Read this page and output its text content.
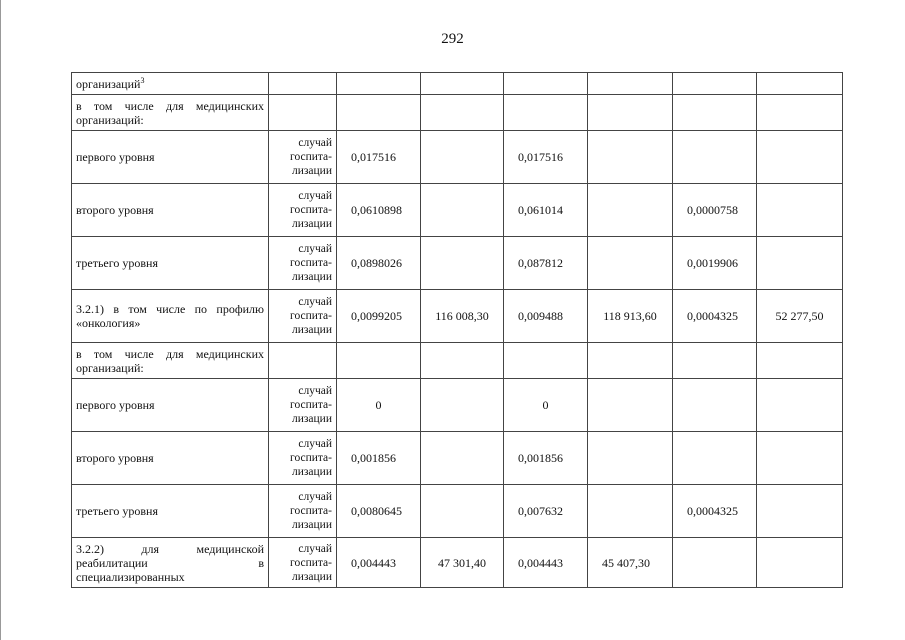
292
организаций$^3$							
в том числе для медицинских организаций:							
первого уровня	случай госпита-лизации	0,017516		0,017516			
второго уровня	случай госпита-лизации	0,0610898		0,061014		0,0000758	
третьего уровня	случай госпита-лизации	0,0898026		0,087812		0,0019906	
3.2.1) в том числе по профилю «онкология»	случай госпита-лизации	0,0099205	116 008,30	0,009488	118 913,60	0,0004325	52 277,50
в том числе для медицинских организаций:							
первого уровня	случай госпита-лизации	0		0			
второго уровня	случай госпита-лизации	0,001856		0,001856			
третьего уровня	случай госпита-лизации	0,0080645		0,007632		0,0004325	
3.2.2) для медицинской реабилитации в специализированных	случай госпита-лизации	0,004443	47 301,40	0,004443	45 407,30		
